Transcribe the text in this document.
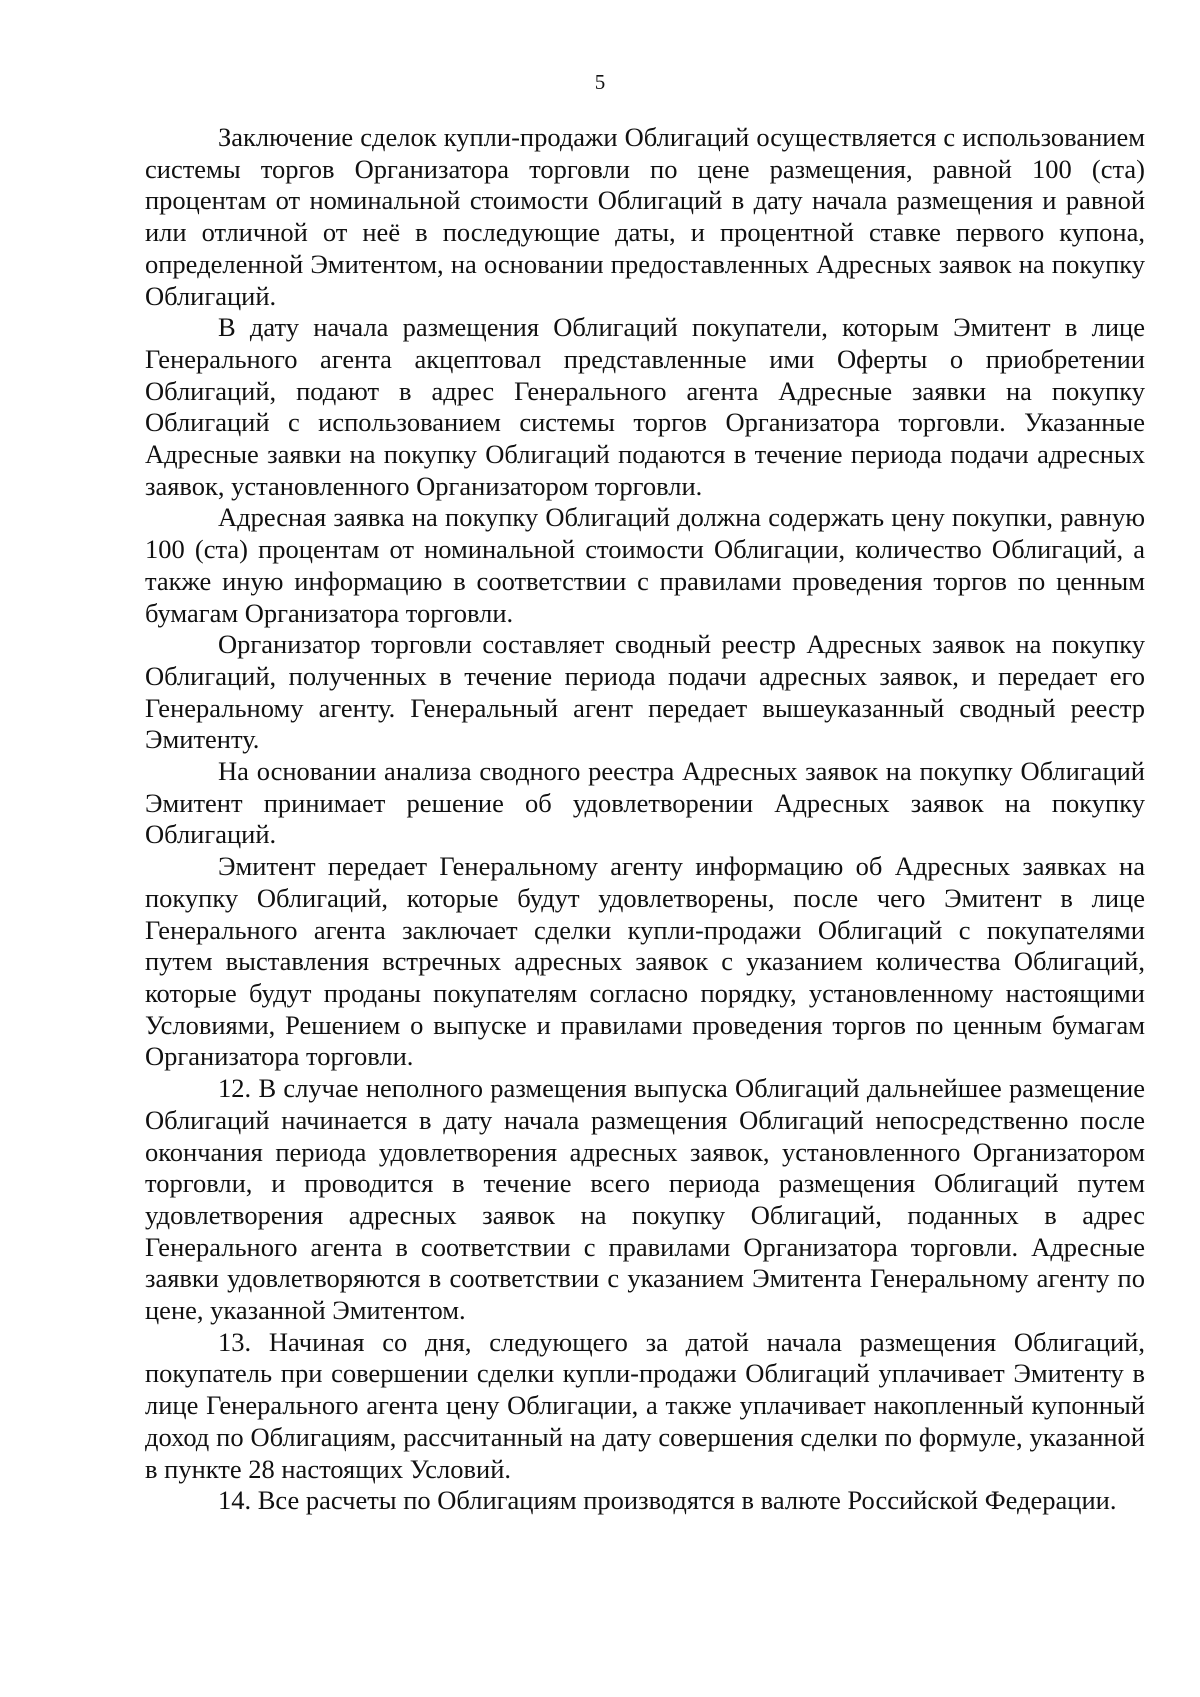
5

Заключение сделок купли-продажи Облигаций осуществляется с использованием системы торгов Организатора торговли по цене размещения, равной 100 (ста) процентам от номинальной стоимости Облигаций в дату начала размещения и равной или отличной от неё в последующие даты, и процентной ставке первого купона, определенной Эмитентом, на основании предоставленных Адресных заявок на покупку Облигаций.

В дату начала размещения Облигаций покупатели, которым Эмитент в лице Генерального агента акцептовал представленные ими Оферты о приобретении Облигаций, подают в адрес Генерального агента Адресные заявки на покупку Облигаций с использованием системы торгов Организатора торговли. Указанные Адресные заявки на покупку Облигаций подаются в течение периода подачи адресных заявок, установленного Организатором торговли.

Адресная заявка на покупку Облигаций должна содержать цену покупки, равную 100 (ста) процентам от номинальной стоимости Облигации, количество Облигаций, а также иную информацию в соответствии с правилами проведения торгов по ценным бумагам Организатора торговли.

Организатор торговли составляет сводный реестр Адресных заявок на покупку Облигаций, полученных в течение периода подачи адресных заявок, и передает его Генеральному агенту. Генеральный агент передает вышеуказанный сводный реестр Эмитенту.

На основании анализа сводного реестра Адресных заявок на покупку Облигаций Эмитент принимает решение об удовлетворении Адресных заявок на покупку Облигаций.

Эмитент передает Генеральному агенту информацию об Адресных заявках на покупку Облигаций, которые будут удовлетворены, после чего Эмитент в лице Генерального агента заключает сделки купли-продажи Облигаций с покупателями путем выставления встречных адресных заявок с указанием количества Облигаций, которые будут проданы покупателям согласно порядку, установленному настоящими Условиями, Решением о выпуске и правилами проведения торгов по ценным бумагам Организатора торговли.

12. В случае неполного размещения выпуска Облигаций дальнейшее размещение Облигаций начинается в дату начала размещения Облигаций непосредственно после окончания периода удовлетворения адресных заявок, установленного Организатором торговли, и проводится в течение всего периода размещения Облигаций путем удовлетворения адресных заявок на покупку Облигаций, поданных в адрес Генерального агента в соответствии с правилами Организатора торговли. Адресные заявки удовлетворяются в соответствии с указанием Эмитента Генеральному агенту по цене, указанной Эмитентом.

13. Начиная со дня, следующего за датой начала размещения Облигаций, покупатель при совершении сделки купли-продажи Облигаций уплачивает Эмитенту в лице Генерального агента цену Облигации, а также уплачивает накопленный купонный доход по Облигациям, рассчитанный на дату совершения сделки по формуле, указанной в пункте 28 настоящих Условий.

14. Все расчеты по Облигациям производятся в валюте Российской Федерации.
